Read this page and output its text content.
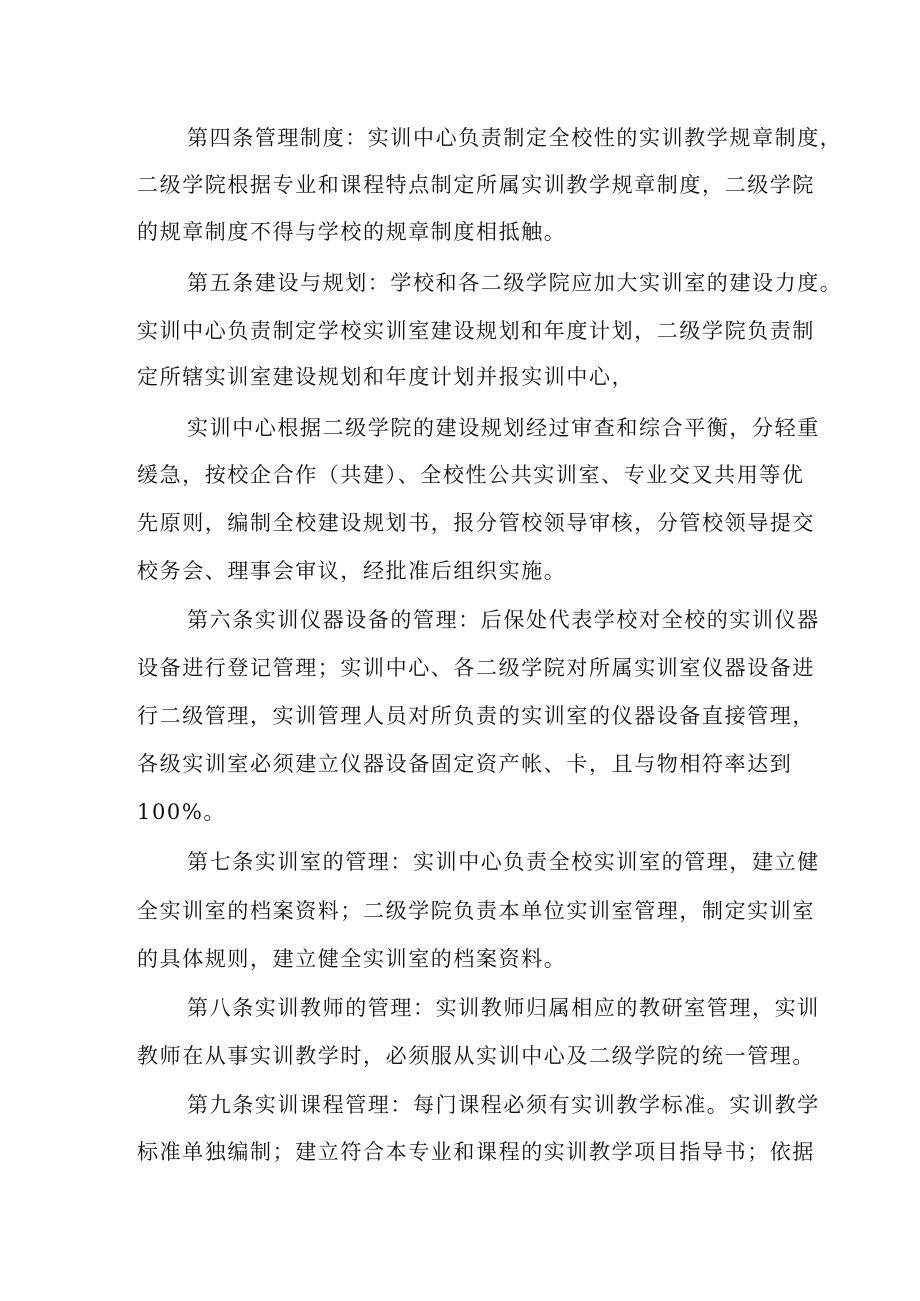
第四条管理制度：实训中心负责制定全校性的实训教学规章制度，
二级学院根据专业和课程特点制定所属实训教学规章制度，二级学院
的规章制度不得与学校的规章制度相抵触。
第五条建设与规划：学校和各二级学院应加大实训室的建设力度。
实训中心负责制定学校实训室建设规划和年度计划，二级学院负责制
定所辖实训室建设规划和年度计划并报实训中心，
实训中心根据二级学院的建设规划经过审查和综合平衡，分轻重
缓急，按校企合作（共建）、全校性公共实训室、专业交叉共用等优
先原则，编制全校建设规划书，报分管校领导审核，分管校领导提交
校务会、理事会审议，经批准后组织实施。
第六条实训仪器设备的管理：后保处代表学校对全校的实训仪器
设备进行登记管理；实训中心、各二级学院对所属实训室仪器设备进
行二级管理，实训管理人员对所负责的实训室的仪器设备直接管理，
各级实训室必须建立仪器设备固定资产帐、卡，且与物相符率达到
100%。
第七条实训室的管理：实训中心负责全校实训室的管理，建立健
全实训室的档案资料；二级学院负责本单位实训室管理，制定实训室
的具体规则，建立健全实训室的档案资料。
第八条实训教师的管理：实训教师归属相应的教研室管理，实训
教师在从事实训教学时，必须服从实训中心及二级学院的统一管理。
第九条实训课程管理：每门课程必须有实训教学标准。实训教学
标准单独编制；建立符合本专业和课程的实训教学项目指导书；依据
